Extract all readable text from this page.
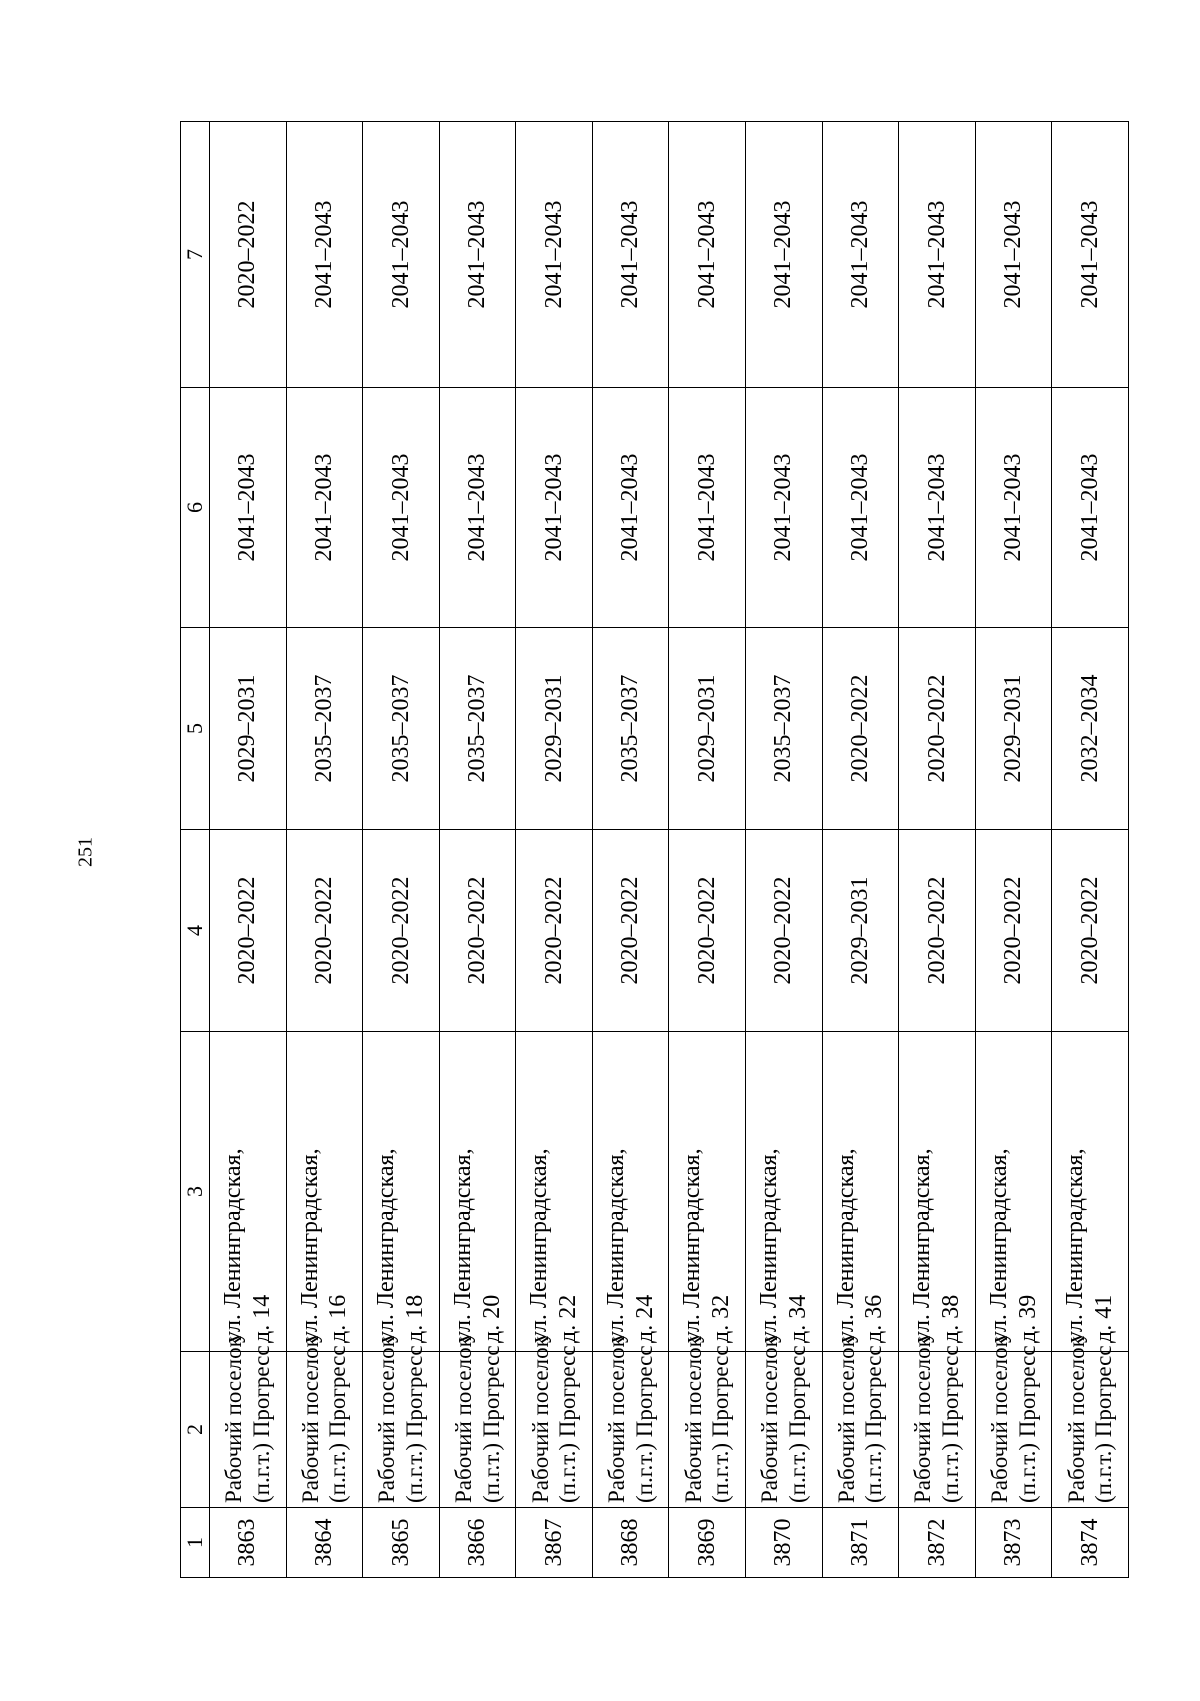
251
1	2	3	4	5	6	7
3863	Рабочий поселок (п.г.т.) Прогресс	ул. Ленинградская, д. 14	2020–2022	2029–2031	2041–2043	2020–2022
3864	Рабочий поселок (п.г.т.) Прогресс	ул. Ленинградская, д. 16	2020–2022	2035–2037	2041–2043	2041–2043
3865	Рабочий поселок (п.г.т.) Прогресс	ул. Ленинградская, д. 18	2020–2022	2035–2037	2041–2043	2041–2043
3866	Рабочий поселок (п.г.т.) Прогресс	ул. Ленинградская, д. 20	2020–2022	2035–2037	2041–2043	2041–2043
3867	Рабочий поселок (п.г.т.) Прогресс	ул. Ленинградская, д. 22	2020–2022	2029–2031	2041–2043	2041–2043
3868	Рабочий поселок (п.г.т.) Прогресс	ул. Ленинградская, д. 24	2020–2022	2035–2037	2041–2043	2041–2043
3869	Рабочий поселок (п.г.т.) Прогресс	ул. Ленинградская, д. 32	2020–2022	2029–2031	2041–2043	2041–2043
3870	Рабочий поселок (п.г.т.) Прогресс	ул. Ленинградская, д. 34	2020–2022	2035–2037	2041–2043	2041–2043
3871	Рабочий поселок (п.г.т.) Прогресс	ул. Ленинградская, д. 36	2029–2031	2020–2022	2041–2043	2041–2043
3872	Рабочий поселок (п.г.т.) Прогресс	ул. Ленинградская, д. 38	2020–2022	2020–2022	2041–2043	2041–2043
3873	Рабочий поселок (п.г.т.) Прогресс	ул. Ленинградская, д. 39	2020–2022	2029–2031	2041–2043	2041–2043
3874	Рабочий поселок (п.г.т.) Прогресс	ул. Ленинградская, д. 41	2020–2022	2032–2034	2041–2043	2041–2043
